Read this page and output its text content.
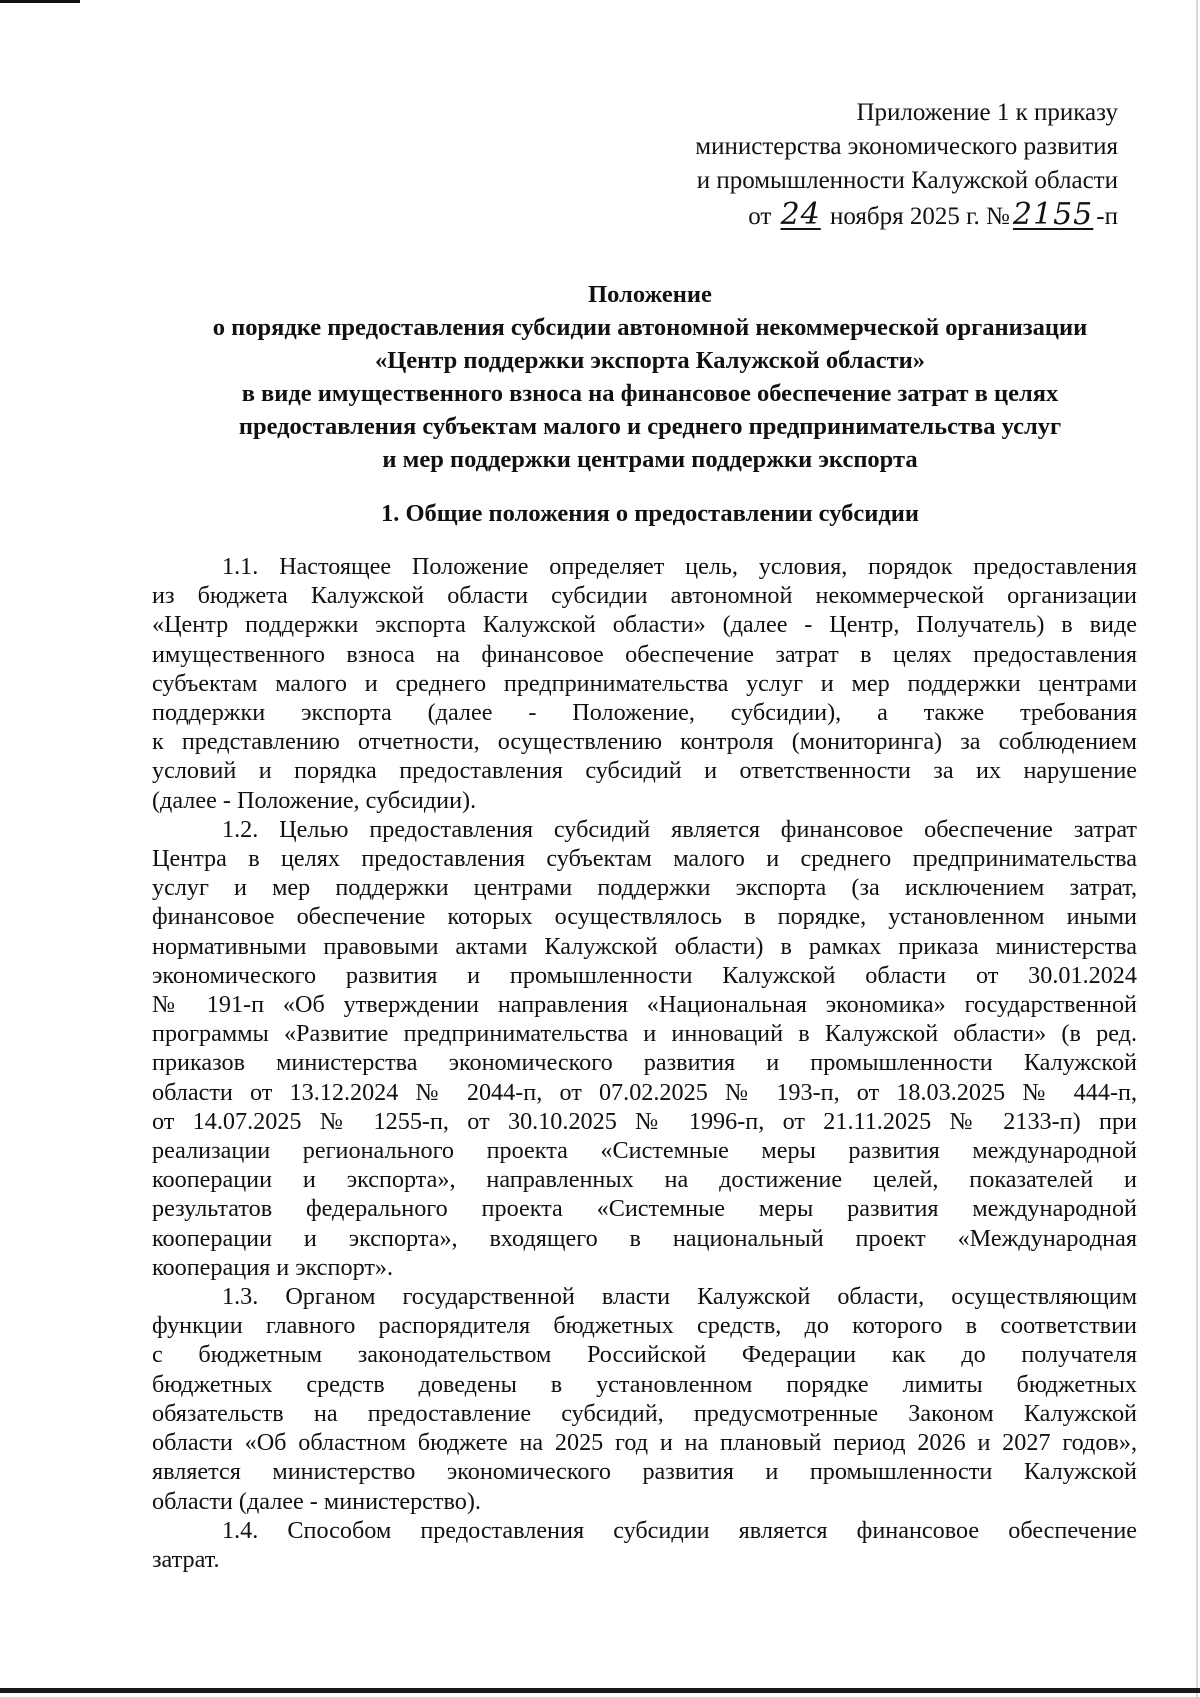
Приложение 1 к приказу
министерства экономического развития
и промышленности Калужской области
от 24 ноября 2025 г. № 2155 -п
Положение
о порядке предоставления субсидии автономной некоммерческой организации
«Центр поддержки экспорта Калужской области»
в виде имущественного взноса на финансовое обеспечение затрат в целях
предоставления субъектам малого и среднего предпринимательства услуг
и мер поддержки центрами поддержки экспорта
1. Общие положения о предоставлении субсидии
1.1. Настоящее Положение определяет цель, условия, порядок предоставления
из бюджета Калужской области субсидии автономной некоммерческой организации
«Центр поддержки экспорта Калужской области» (далее - Центр, Получатель) в виде
имущественного взноса на финансовое обеспечение затрат в целях предоставления
субъектам малого и среднего предпринимательства услуг и мер поддержки центрами
поддержки экспорта (далее - Положение, субсидии), а также требования
к представлению отчетности, осуществлению контроля (мониторинга) за соблюдением
условий и порядка предоставления субсидий и ответственности за их нарушение
(далее - Положение, субсидии).
1.2. Целью предоставления субсидий является финансовое обеспечение затрат
Центра в целях предоставления субъектам малого и среднего предпринимательства
услуг и мер поддержки центрами поддержки экспорта (за исключением затрат,
финансовое обеспечение которых осуществлялось в порядке, установленном иными
нормативными правовыми актами Калужской области) в рамках приказа министерства
экономического развития и промышленности Калужской области от 30.01.2024
№ 191-п «Об утверждении направления «Национальная экономика» государственной
программы «Развитие предпринимательства и инноваций в Калужской области» (в ред.
приказов министерства экономического развития и промышленности Калужской
области от 13.12.2024 № 2044-п, от 07.02.2025 № 193-п, от 18.03.2025 № 444-п,
от 14.07.2025 № 1255-п, от 30.10.2025 № 1996-п, от 21.11.2025 № 2133-п) при
реализации регионального проекта «Системные меры развития международной
кооперации и экспорта», направленных на достижение целей, показателей и
результатов федерального проекта «Системные меры развития международной
кооперации и экспорта», входящего в национальный проект «Международная
кооперация и экспорт».
1.3. Органом государственной власти Калужской области, осуществляющим
функции главного распорядителя бюджетных средств, до которого в соответствии
с бюджетным законодательством Российской Федерации как до получателя
бюджетных средств доведены в установленном порядке лимиты бюджетных
обязательств на предоставление субсидий, предусмотренные Законом Калужской
области «Об областном бюджете на 2025 год и на плановый период 2026 и 2027 годов»,
является министерство экономического развития и промышленности Калужской
области (далее - министерство).
1.4. Способом предоставления субсидии является финансовое обеспечение
затрат.
